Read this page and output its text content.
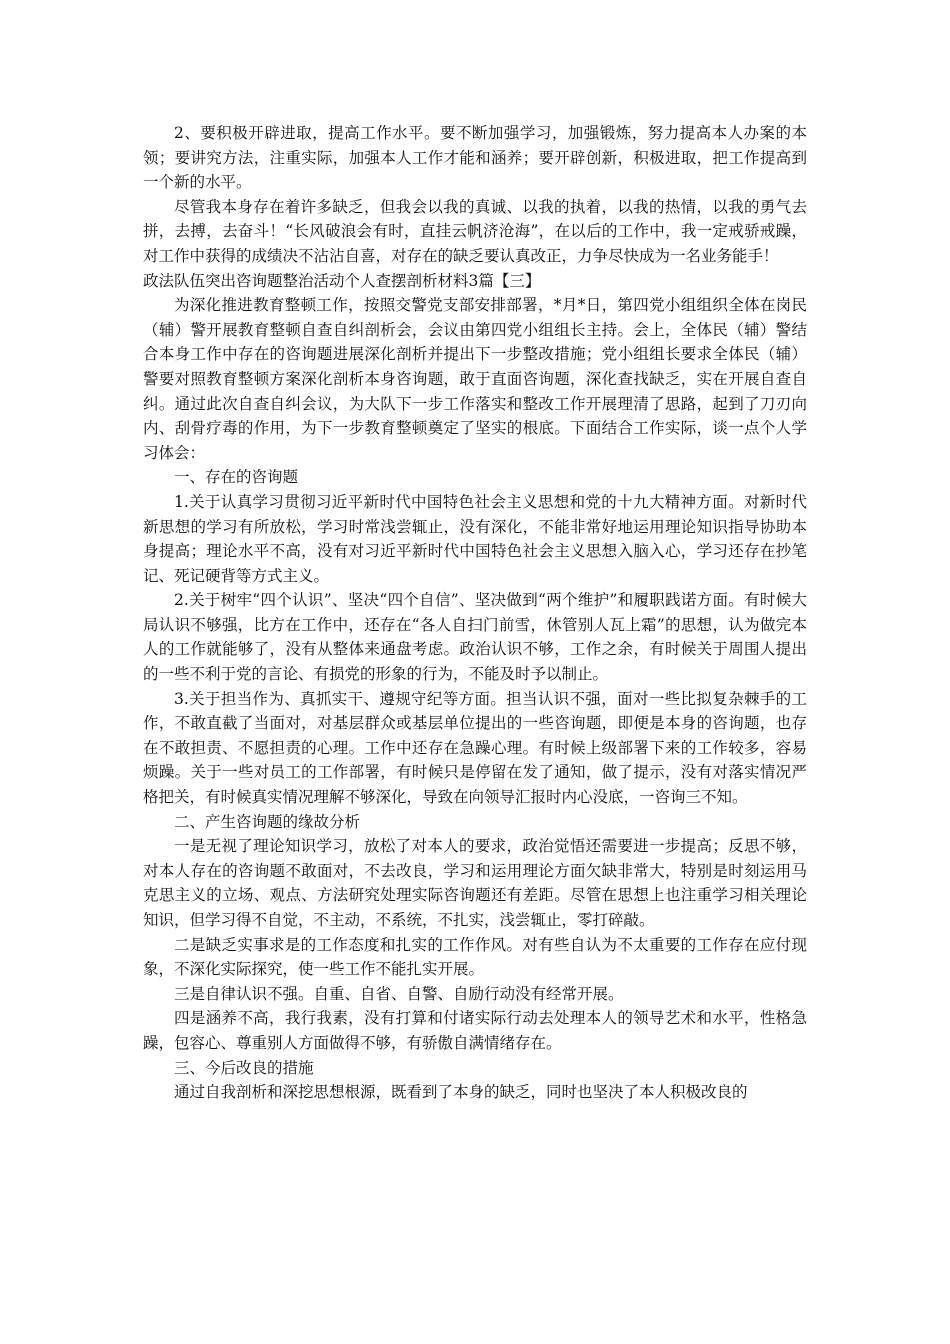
2、要积极开辟进取，提高工作水平。要不断加强学习，加强锻炼，努力提高本人办案的本领；要讲究方法，注重实际，加强本人工作才能和涵养；要开辟创新，积极进取，把工作提高到一个新的水平。

尽管我本身存在着许多缺乏，但我会以我的真诚、以我的执着，以我的热情，以我的勇气去拼，去搏，去奋斗！“长风破浪会有时，直挂云帆济沧海”，在以后的工作中，我一定戒骄戒躁，对工作中获得的成绩决不沾沾自喜，对存在的缺乏要认真改正，力争尽快成为一名业务能手！

政法队伍突出咨询题整治活动个人查摆剖析材料3篇【三】

为深化推进教育整顿工作，按照交警党支部安排部署，*月*日，第四党小组组织全体在岗民（辅）警开展教育整顿自查自纠剖析会，会议由第四党小组组长主持。会上，全体民（辅）警结合本身工作中存在的咨询题进展深化剖析并提出下一步整改措施；党小组组长要求全体民（辅）警要对照教育整顿方案深化剖析本身咨询题，敢于直面咨询题，深化查找缺乏，实在开展自查自纠。通过此次自查自纠会议，为大队下一步工作落实和整改工作开展理清了思路，起到了刀刃向内、刮骨疗毒的作用，为下一步教育整顿奠定了坚实的根底。下面结合工作实际，谈一点个人学习体会：

一、存在的咨询题

1.关于认真学习贯彻习近平新时代中国特色社会主义思想和党的十九大精神方面。对新时代新思想的学习有所放松，学习时常浅尝辄止，没有深化，不能非常好地运用理论知识指导协助本身提高；理论水平不高，没有对习近平新时代中国特色社会主义思想入脑入心，学习还存在抄笔记、死记硬背等方式主义。

2.关于树牢“四个认识”、坚决“四个自信”、坚决做到“两个维护”和履职践诺方面。有时候大局认识不够强，比方在工作中，还存在“各人自扫门前雪，休管别人瓦上霜”的思想，认为做完本人的工作就能够了，没有从整体来通盘考虑。政治认识不够，工作之余，有时候关于周围人提出的一些不利于党的言论、有损党的形象的行为，不能及时予以制止。

3.关于担当作为、真抓实干、遵规守纪等方面。担当认识不强，面对一些比拟复杂棘手的工作，不敢直截了当面对，对基层群众或基层单位提出的一些咨询题，即便是本身的咨询题，也存在不敢担责、不愿担责的心理。工作中还存在急躁心理。有时候上级部署下来的工作较多，容易烦躁。关于一些对员工的工作部署，有时候只是停留在发了通知，做了提示，没有对落实情况严格把关，有时候真实情况理解不够深化，导致在向领导汇报时内心没底，一咨询三不知。

二、产生咨询题的缘故分析

一是无视了理论知识学习，放松了对本人的要求，政治觉悟还需要进一步提高；反思不够，对本人存在的咨询题不敢面对，不去改良，学习和运用理论方面欠缺非常大，特别是时刻运用马克思主义的立场、观点、方法研究处理实际咨询题还有差距。尽管在思想上也注重学习相关理论知识，但学习得不自觉，不主动，不系统，不扎实，浅尝辄止，零打碎敲。

二是缺乏实事求是的工作态度和扎实的工作作风。对有些自认为不太重要的工作存在应付现象，不深化实际探究，使一些工作不能扎实开展。

三是自律认识不强。自重、自省、自警、自励行动没有经常开展。

四是涵养不高，我行我素，没有打算和付诸实际行动去处理本人的领导艺术和水平，性格急躁，包容心、尊重别人方面做得不够，有骄傲自满情绪存在。

三、今后改良的措施

通过自我剖析和深挖思想根源，既看到了本身的缺乏，同时也坚决了本人积极改良的
